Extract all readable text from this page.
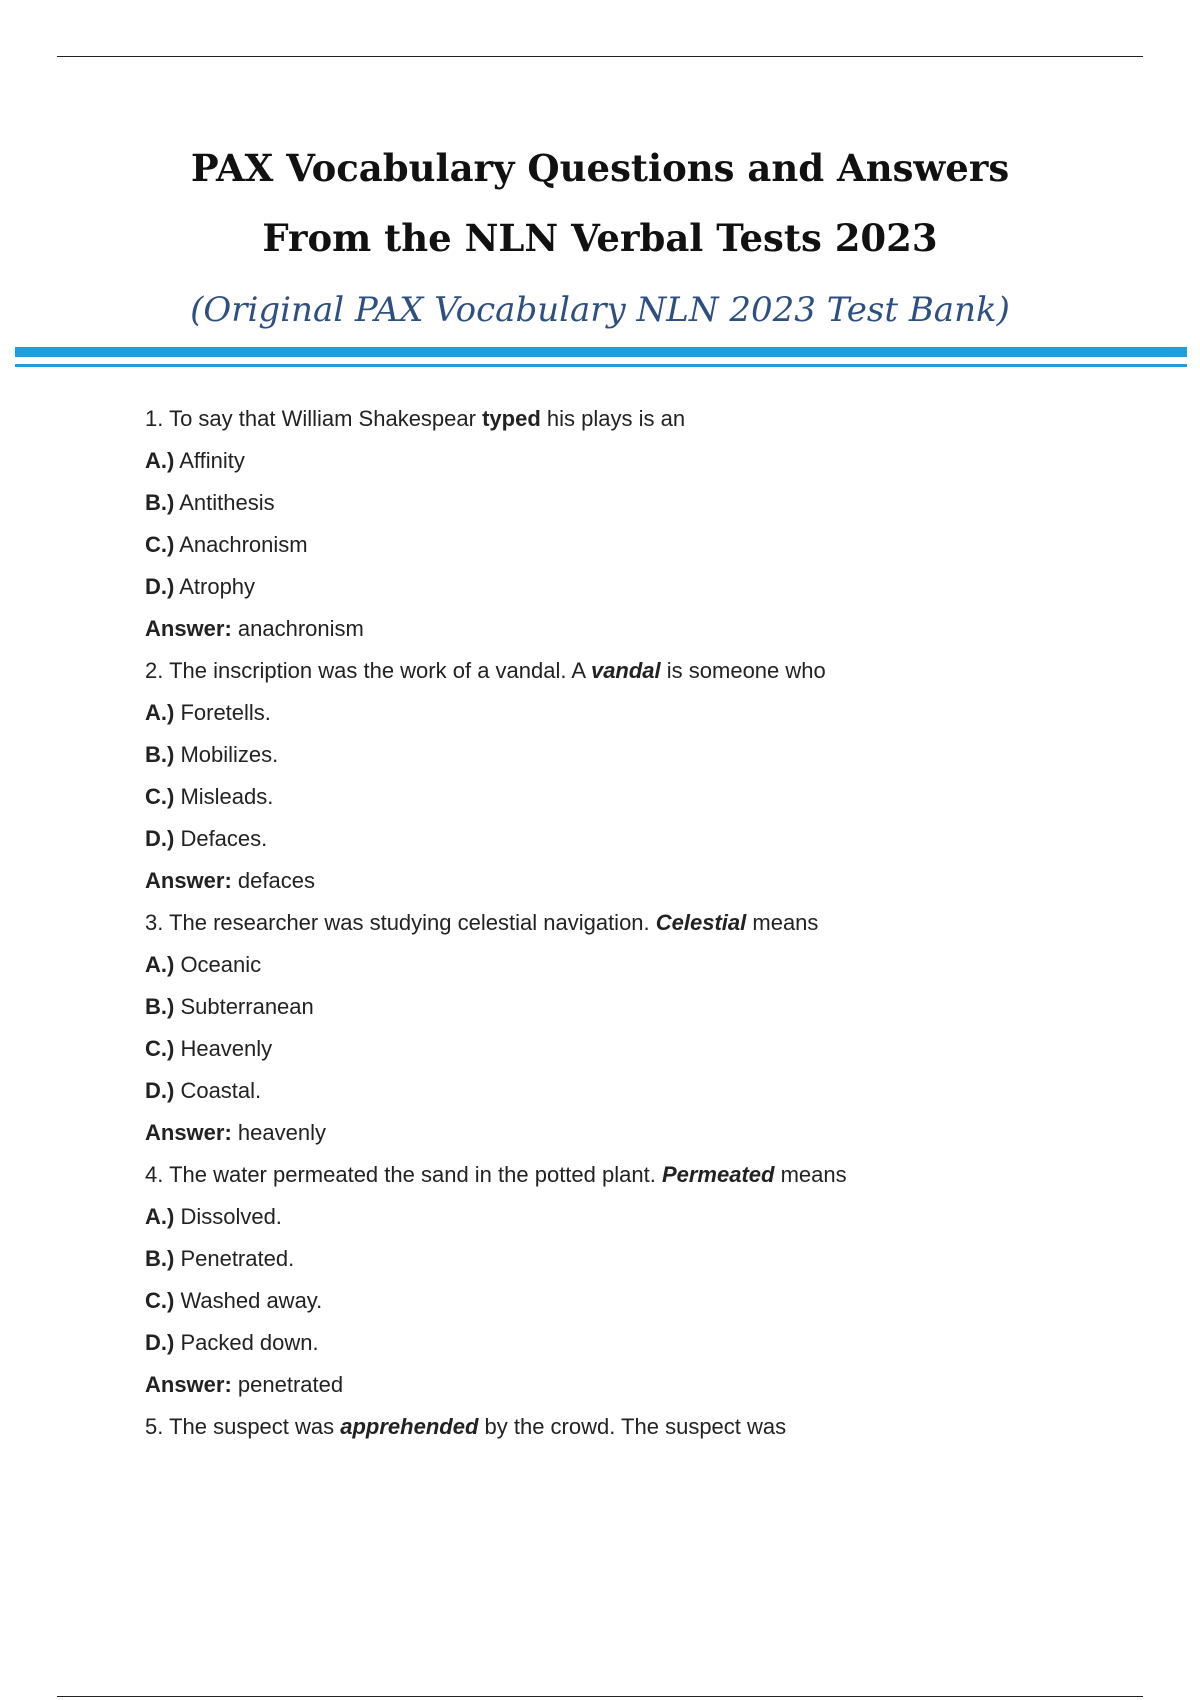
PAX Vocabulary Questions and Answers
From the NLN Verbal Tests 2023
(Original PAX Vocabulary NLN 2023 Test Bank)
1. To say that William Shakespear typed his plays is an
A.) Affinity
B.) Antithesis
C.) Anachronism
D.) Atrophy
Answer: anachronism
2. The inscription was the work of a vandal. A vandal is someone who
A.) Foretells.
B.) Mobilizes.
C.) Misleads.
D.) Defaces.
Answer: defaces
3. The researcher was studying celestial navigation. Celestial means
A.) Oceanic
B.) Subterranean
C.) Heavenly
D.) Coastal.
Answer: heavenly
4. The water permeated the sand in the potted plant. Permeated means
A.) Dissolved.
B.) Penetrated.
C.) Washed away.
D.) Packed down.
Answer: penetrated
5. The suspect was apprehended by the crowd. The suspect was
